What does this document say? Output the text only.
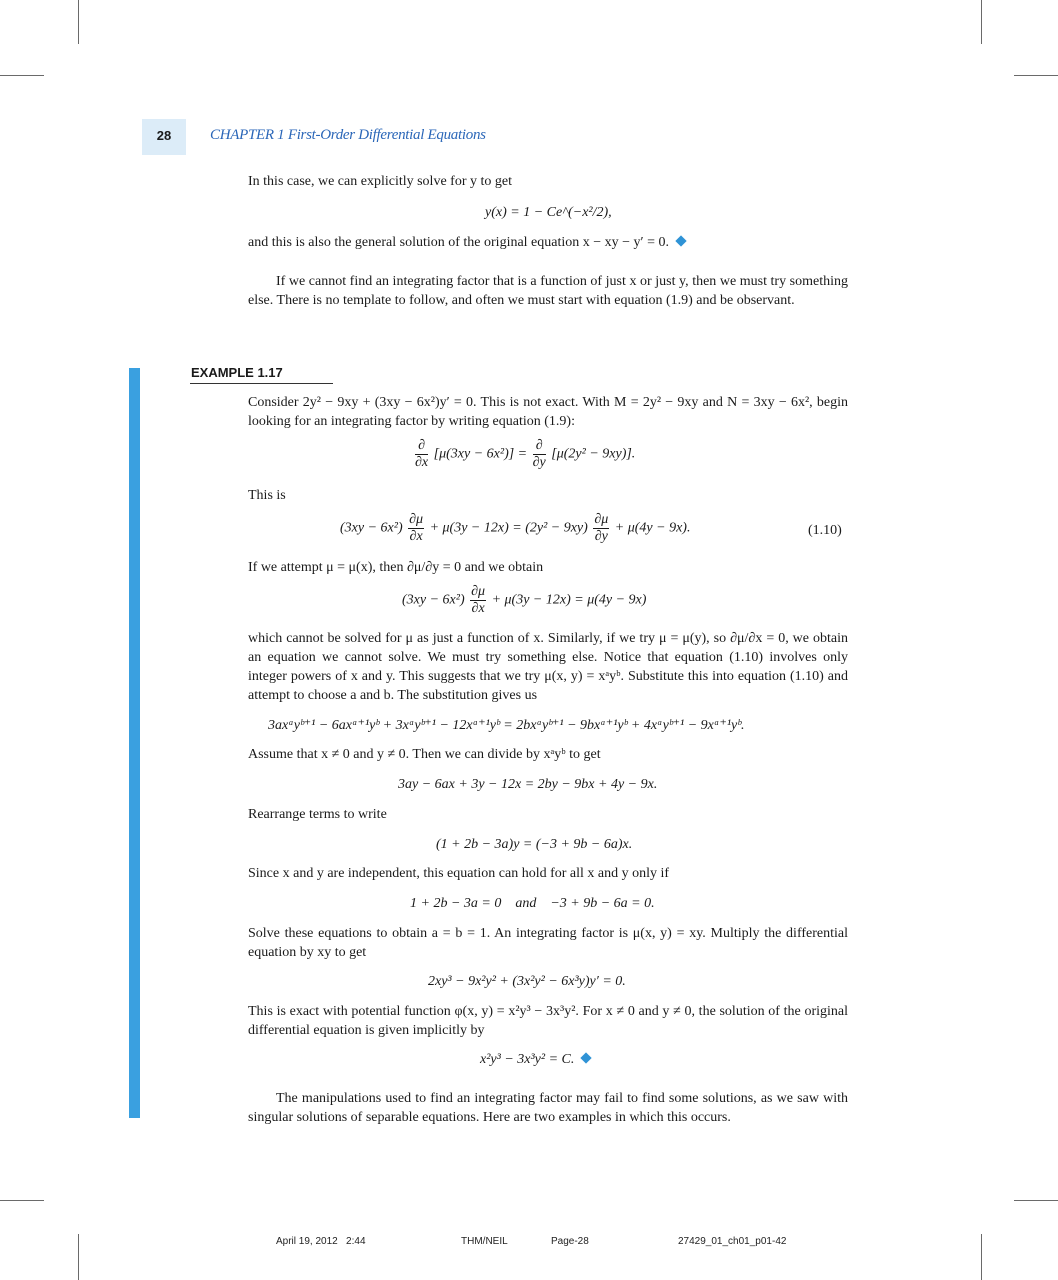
28	CHAPTER 1 First-Order Differential Equations
In this case, we can explicitly solve for y to get
y(x) = 1 − Ce^(−x²/2),
and this is also the general solution of the original equation x − xy − y′ = 0.
If we cannot find an integrating factor that is a function of just x or just y, then we must try something else. There is no template to follow, and often we must start with equation (1.9) and be observant.
EXAMPLE 1.17
Consider 2y² − 9xy + (3xy − 6x²)y′ = 0. This is not exact. With M = 2y² − 9xy and N = 3xy − 6x², begin looking for an integrating factor by writing equation (1.9):
$\frac{\partial}{\partial x} [\mu(3xy - 6x^2)] = \frac{\partial}{\partial y} [\mu(2y^2 - 9xy)]$.
This is
$(3xy - 6x^2) \frac{\partial\mu}{\partial x} + \mu(3y - 12x) = (2y^2 - 9xy) \frac{\partial\mu}{\partial y} + \mu(4y - 9x)$.	(1.10)
If we attempt μ = μ(x), then ∂μ/∂y = 0 and we obtain
$(3xy - 6x^2) \frac{\partial\mu}{\partial x} + \mu(3y - 12x) = \mu(4y - 9x)$
which cannot be solved for μ as just a function of x. Similarly, if we try μ = μ(y), so ∂μ/∂x = 0, we obtain an equation we cannot solve. We must try something else. Notice that equation (1.10) involves only integer powers of x and y. This suggests that we try μ(x, y) = xᵃyᵇ. Substitute this into equation (1.10) and attempt to choose a and b. The substitution gives us
3axᵃyᵇ⁺¹ − 6axᵃ⁺¹yᵇ + 3xᵃyᵇ⁺¹ − 12xᵃ⁺¹yᵇ = 2bxᵃyᵇ⁺¹ − 9bxᵃ⁺¹yᵇ + 4xᵃyᵇ⁺¹ − 9xᵃ⁺¹yᵇ.
Assume that x ≠ 0 and y ≠ 0. Then we can divide by xᵃyᵇ to get
3ay − 6ax + 3y − 12x = 2by − 9bx + 4y − 9x.
Rearrange terms to write
(1 + 2b − 3a)y = (−3 + 9b − 6a)x.
Since x and y are independent, this equation can hold for all x and y only if
1 + 2b − 3a = 0    and    −3 + 9b − 6a = 0.
Solve these equations to obtain a = b = 1. An integrating factor is μ(x, y) = xy. Multiply the differential equation by xy to get
2xy³ − 9x²y² + (3x²y² − 6x³y)y′ = 0.
This is exact with potential function φ(x, y) = x²y³ − 3x³y². For x ≠ 0 and y ≠ 0, the solution of the original differential equation is given implicitly by
x²y³ − 3x³y² = C.
The manipulations used to find an integrating factor may fail to find some solutions, as we saw with singular solutions of separable equations. Here are two examples in which this occurs.
April 19, 2012   2:44	THM/NEIL	Page-28	27429_01_ch01_p01-42
